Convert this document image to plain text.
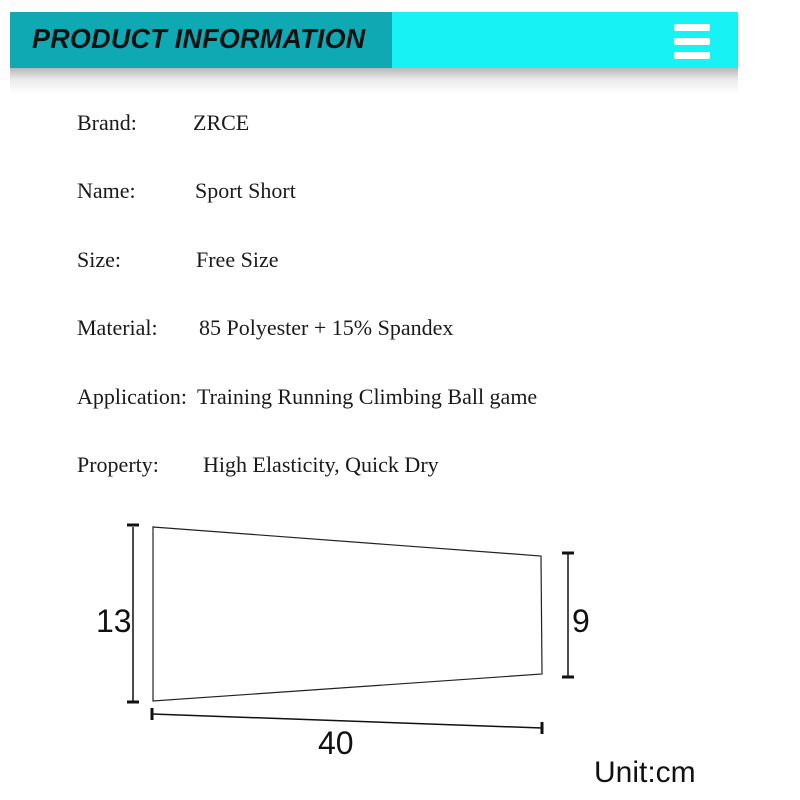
PRODUCT INFORMATION
Brand:	ZRCE
Name:	Sport Short
Size:	Free Size
Material: 85 Polyester + 15% Spandex
Application: Training Running Climbing Ball game
Property: High Elasticity, Quick Dry
13	9
40
Unit:cm
